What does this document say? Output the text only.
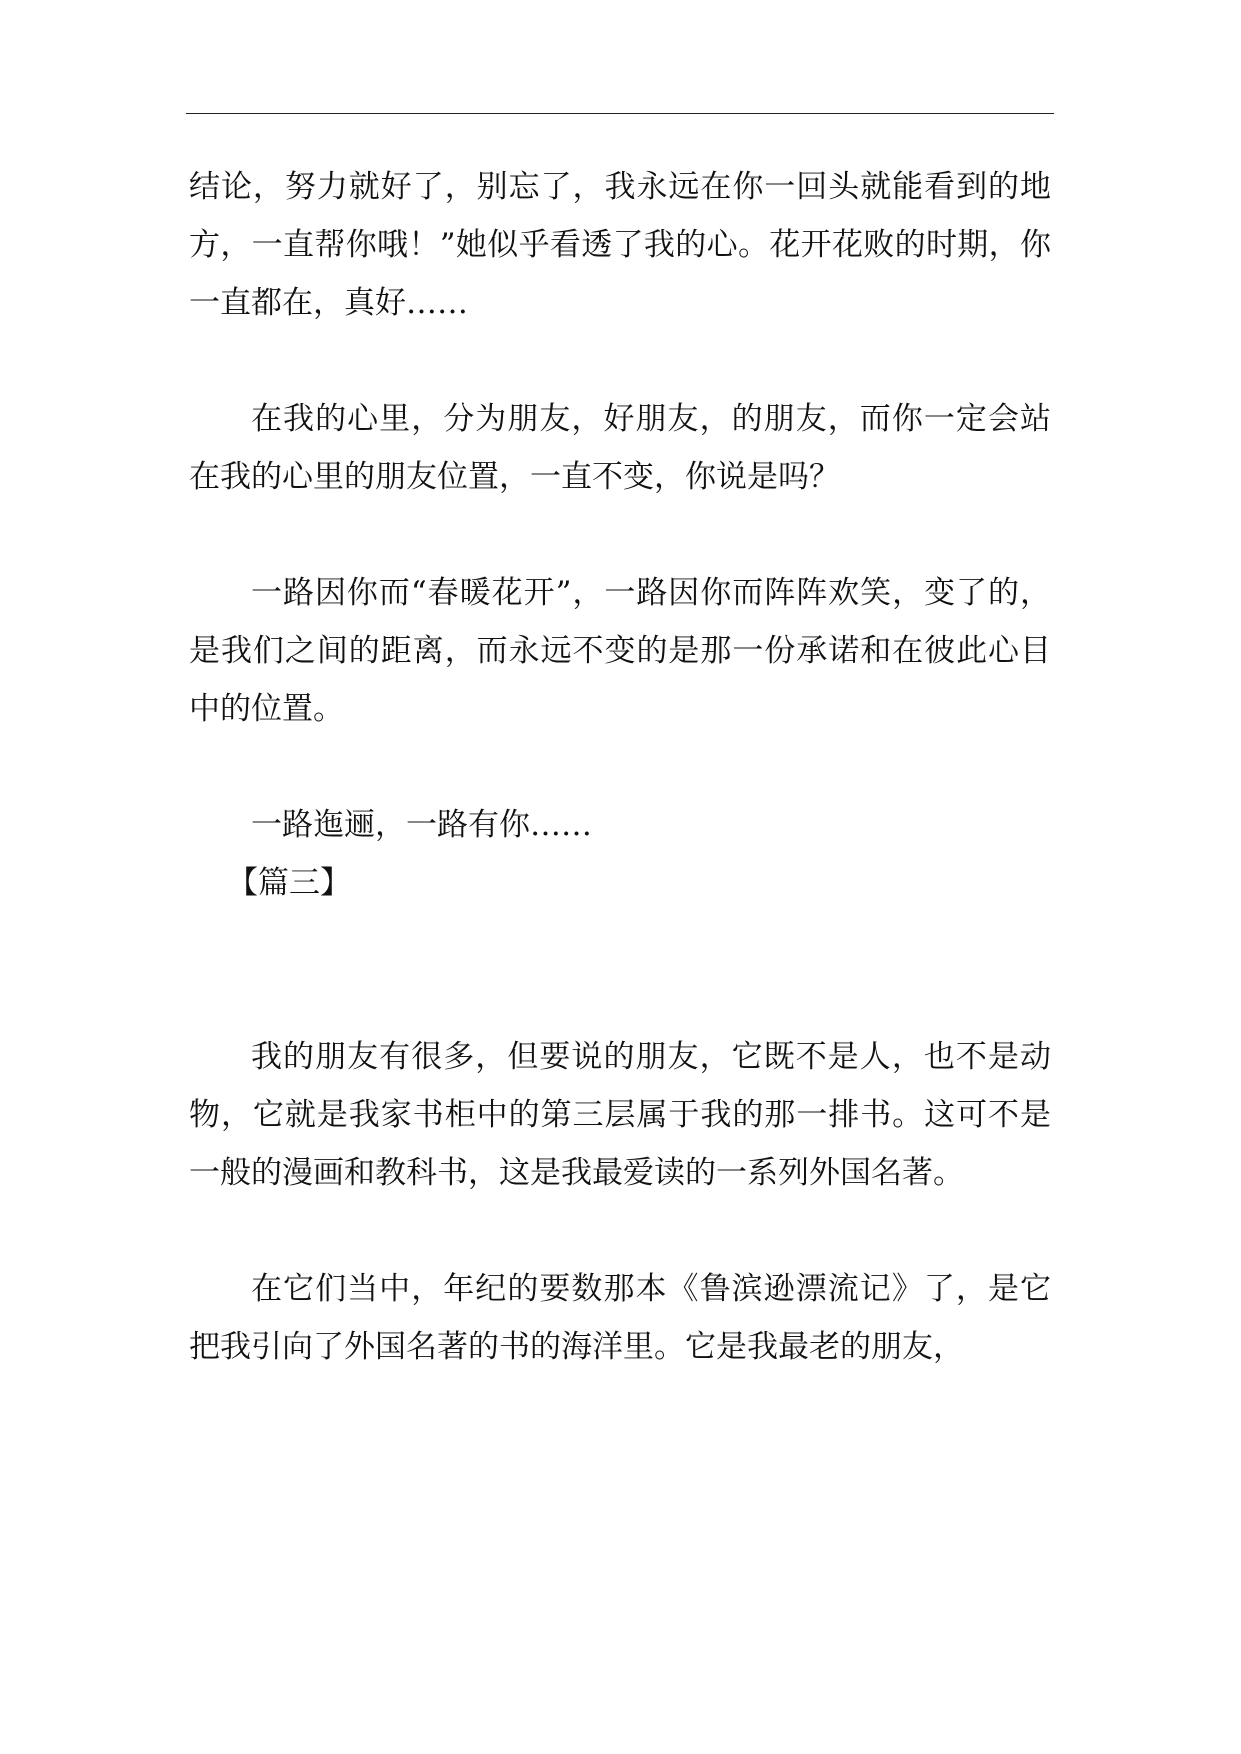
结论，努力就好了，别忘了，我永远在你一回头就能看到的地方，一直帮你哦！”她似乎看透了我的心。花开花败的时期，你一直都在，真好……

在我的心里，分为朋友，好朋友，的朋友，而你一定会站在我的心里的朋友位置，一直不变，你说是吗？

一路因你而“春暖花开”，一路因你而阵阵欢笑，变了的，是我们之间的距离，而永远不变的是那一份承诺和在彼此心目中的位置。

一路迤逦，一路有你……

【篇三】

我的朋友有很多，但要说的朋友，它既不是人，也不是动物，它就是我家书柜中的第三层属于我的那一排书。这可不是一般的漫画和教科书，这是我最爱读的一系列外国名著。

在它们当中，年纪的要数那本《鲁滨逊漂流记》了，是它把我引向了外国名著的书的海洋里。它是我最老的朋友，
